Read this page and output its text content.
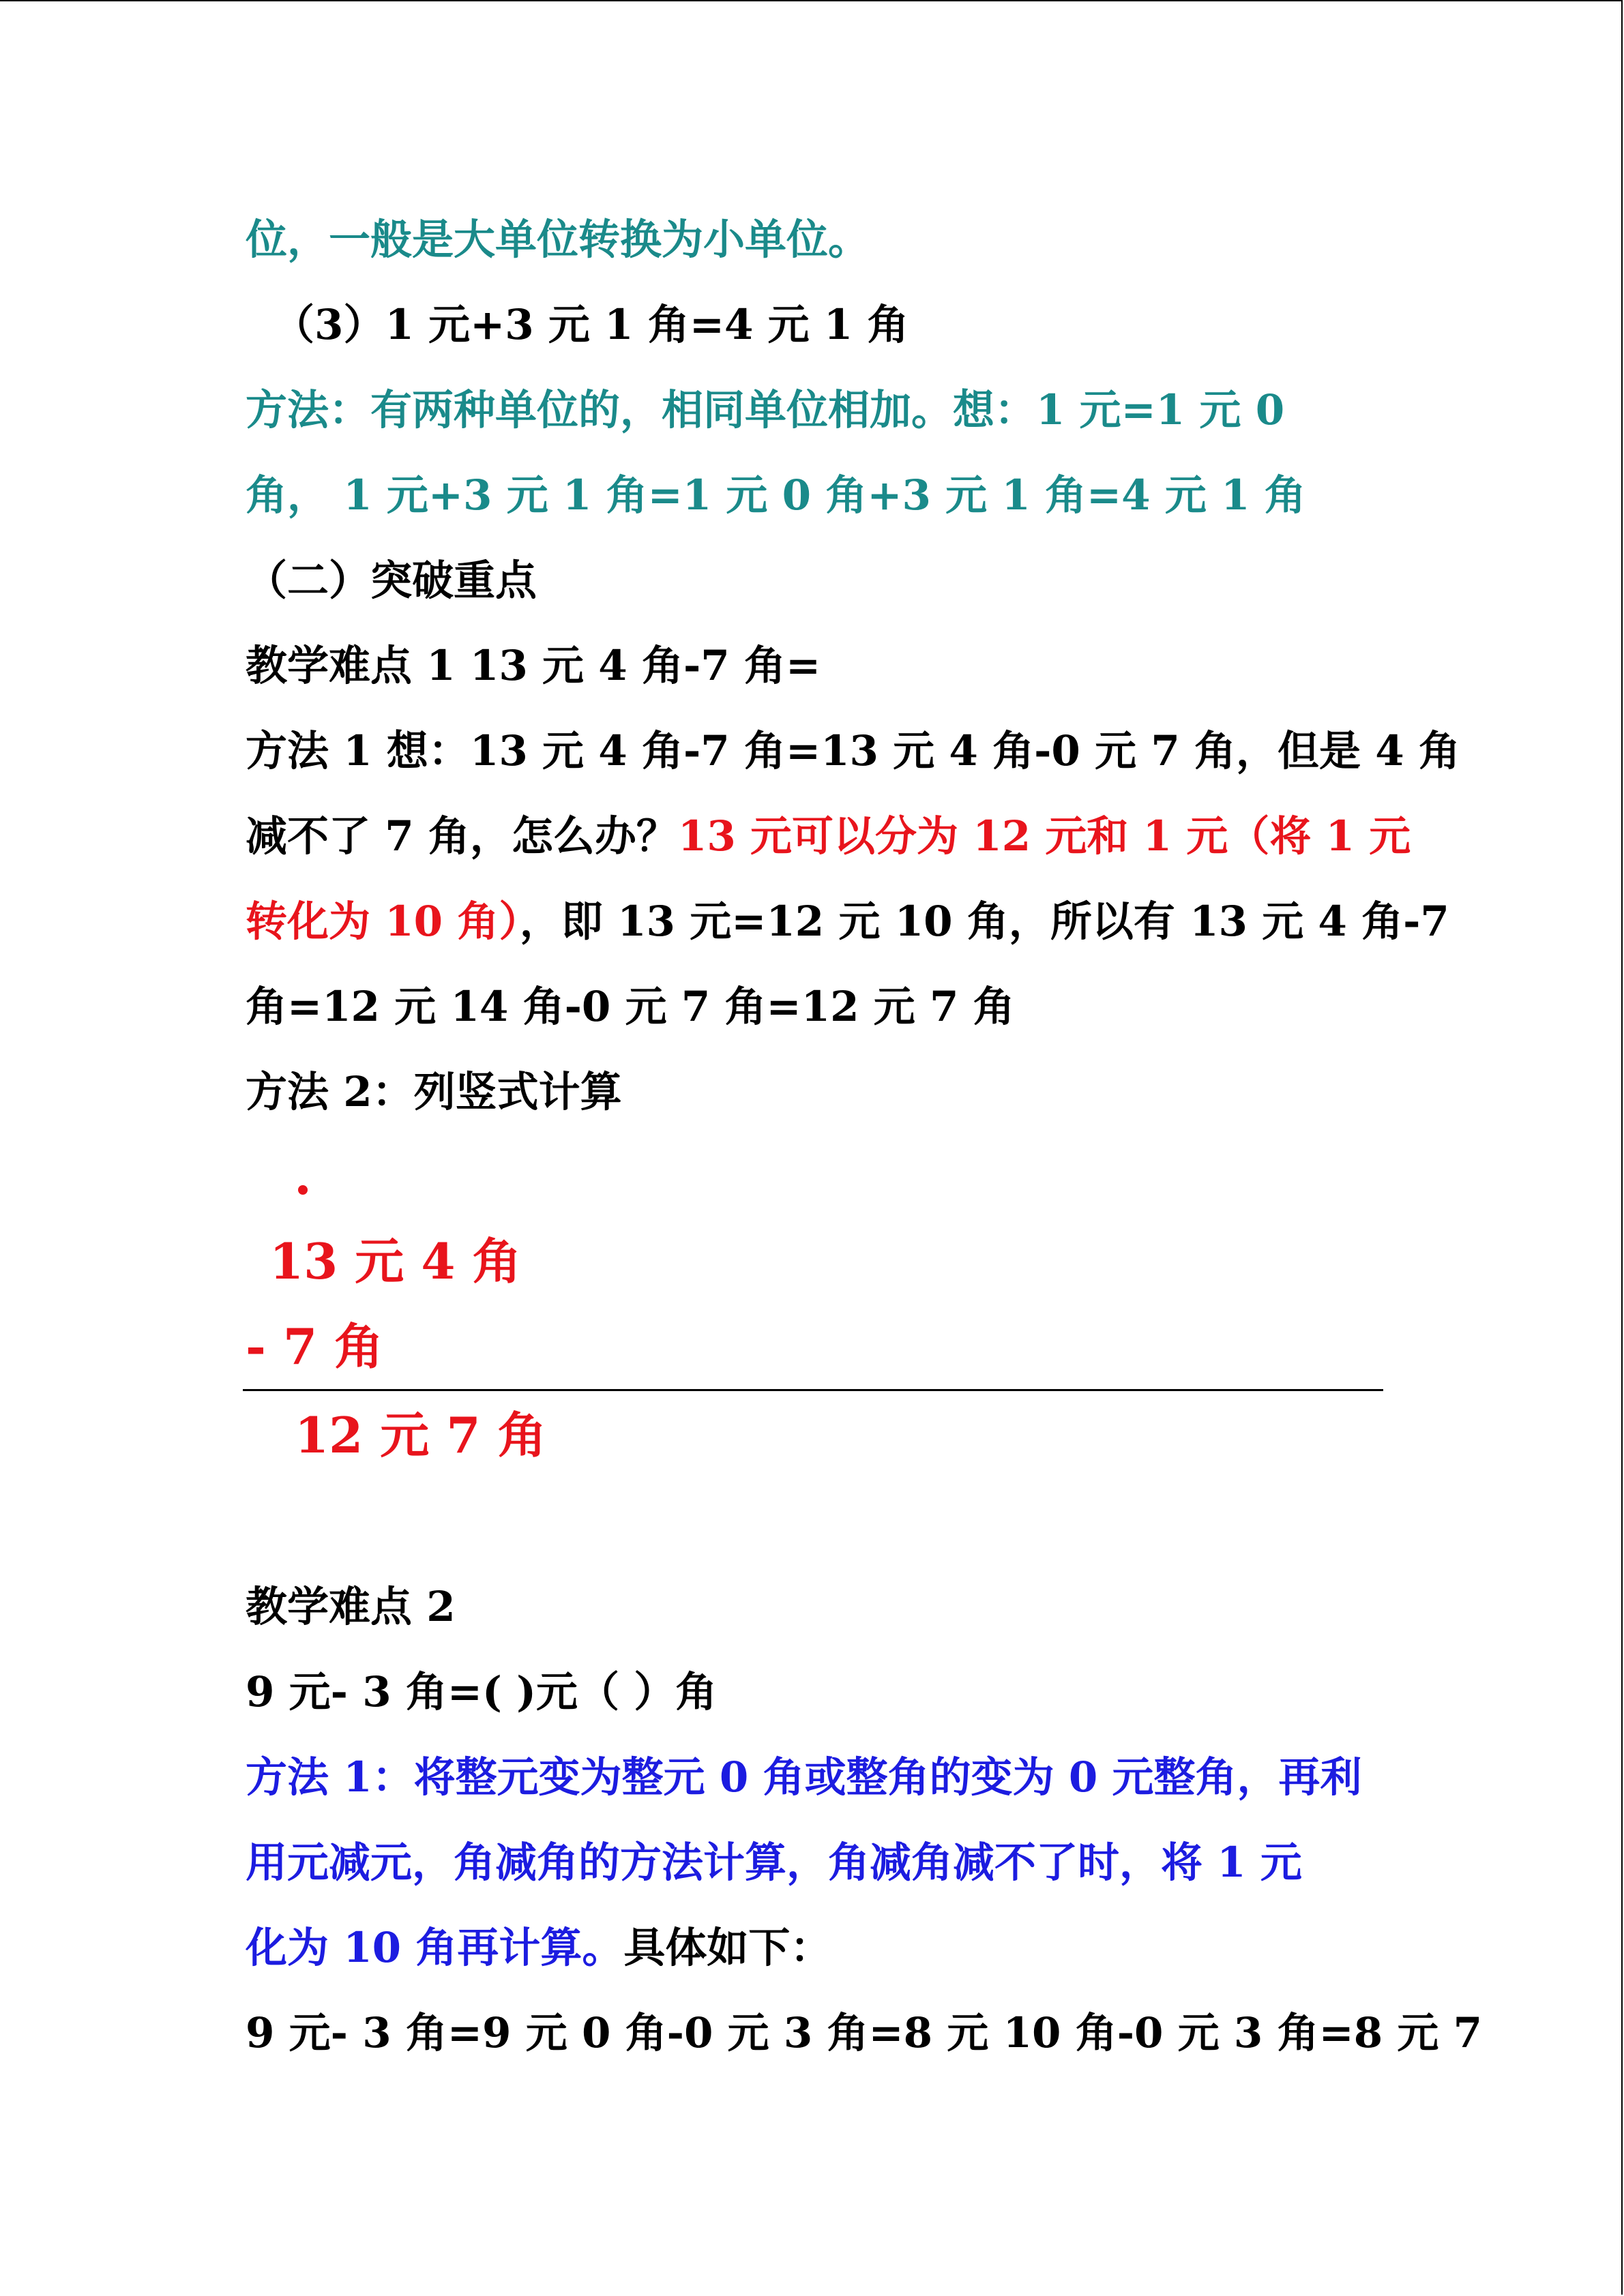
位，一般是大单位转换为小单位。

（3）1 元+3 元 1 角=4 元 1 角

方法：有两种单位的，相同单位相加。想：1 元=1 元 0

角， 1 元+3 元 1 角=1 元 0 角+3 元 1 角=4 元 1 角

（二）突破重点

教学难点 1 13 元 4 角-7 角=

方法 1 想：13 元 4 角-7 角=13 元 4 角-0 元 7 角，但是 4 角

减不了 7 角，怎么办？13 元可以分为 12 元和 1 元（将 1 元

转化为 10 角），即 13 元=12 元 10 角，所以有 13 元 4 角-7

角=12 元 14 角-0 元 7 角=12 元 7 角

方法 2：列竖式计算

13 元 4 角

- 7 角

12 元 7 角

教学难点 2

9 元- 3 角=( )元（ ）角

方法 1：将整元变为整元 0 角或整角的变为 0 元整角，再利

用元减元，角减角的方法计算，角减角减不了时，将 1 元

化为 10 角再计算。具体如下：

9 元- 3 角=9 元 0 角-0 元 3 角=8 元 10 角-0 元 3 角=8 元 7
